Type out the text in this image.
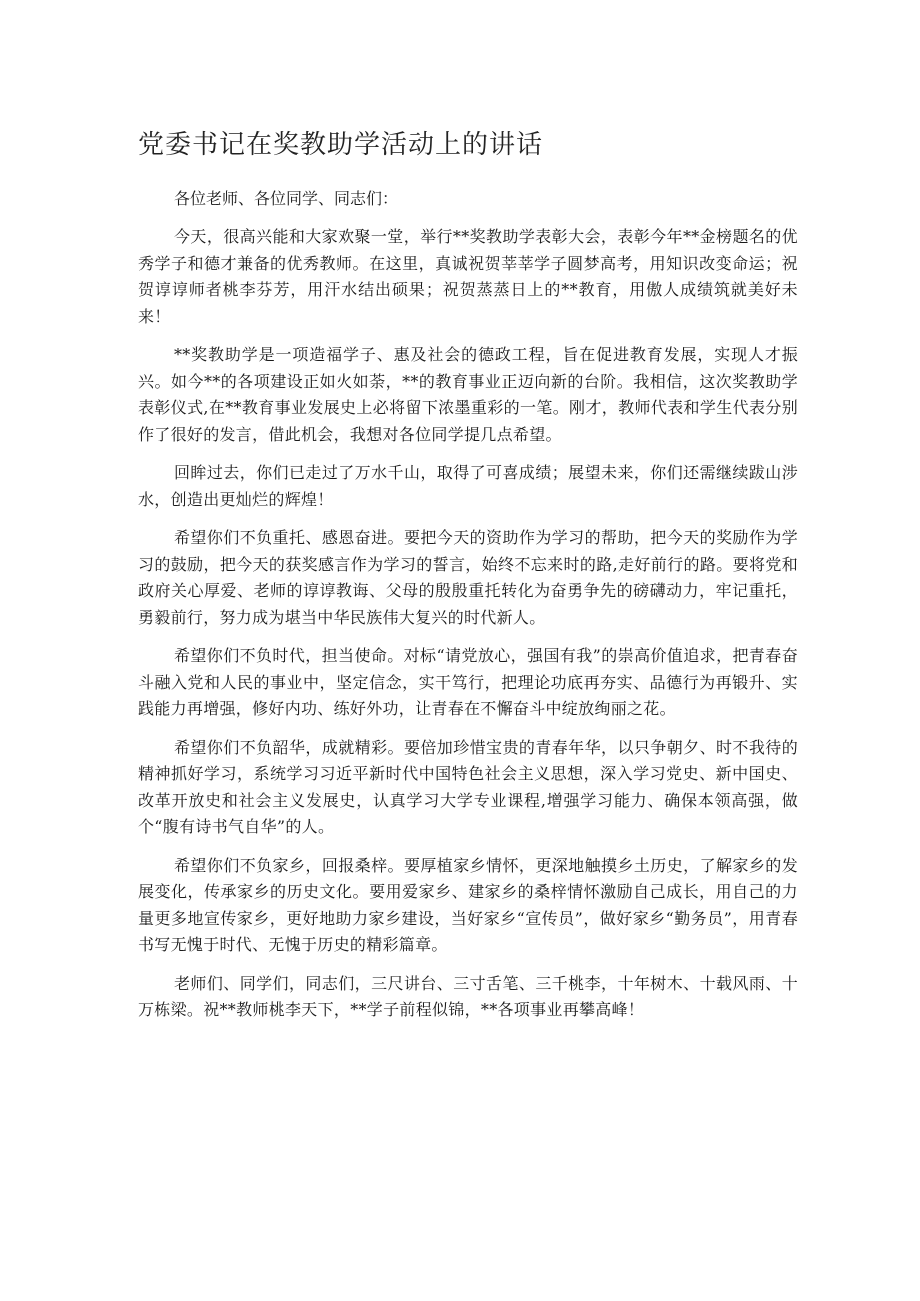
党委书记在奖教助学活动上的讲话

各位老师、各位同学、同志们：

今天，很高兴能和大家欢聚一堂，举行**奖教助学表彰大会，表彰今年**金榜题名的优秀学子和德才兼备的优秀教师。在这里，真诚祝贺莘莘学子圆梦高考，用知识改变命运；祝贺谆谆师者桃李芬芳，用汗水结出硕果；祝贺蒸蒸日上的**教育，用傲人成绩筑就美好未来！

**奖教助学是一项造福学子、惠及社会的德政工程，旨在促进教育发展，实现人才振兴。如今**的各项建设正如火如荼，**的教育事业正迈向新的台阶。我相信，这次奖教助学表彰仪式,在**教育事业发展史上必将留下浓墨重彩的一笔。刚才，教师代表和学生代表分别作了很好的发言，借此机会，我想对各位同学提几点希望。

回眸过去，你们已走过了万水千山，取得了可喜成绩；展望未来，你们还需继续跋山涉水，创造出更灿烂的辉煌！

希望你们不负重托、感恩奋进。要把今天的资助作为学习的帮助，把今天的奖励作为学习的鼓励，把今天的获奖感言作为学习的誓言，始终不忘来时的路,走好前行的路。要将党和政府关心厚爱、老师的谆谆教诲、父母的殷殷重托转化为奋勇争先的磅礴动力，牢记重托，勇毅前行，努力成为堪当中华民族伟大复兴的时代新人。

希望你们不负时代，担当使命。对标“请党放心，强国有我”的崇高价值追求，把青春奋斗融入党和人民的事业中，坚定信念，实干笃行，把理论功底再夯实、品德行为再锻升、实践能力再增强，修好内功、练好外功，让青春在不懈奋斗中绽放绚丽之花。

希望你们不负韶华，成就精彩。要倍加珍惜宝贵的青春年华，以只争朝夕、时不我待的精神抓好学习，系统学习习近平新时代中国特色社会主义思想，深入学习党史、新中国史、改革开放史和社会主义发展史，认真学习大学专业课程,增强学习能力、确保本领高强，做个“腹有诗书气自华”的人。

希望你们不负家乡，回报桑梓。要厚植家乡情怀，更深地触摸乡土历史，了解家乡的发展变化，传承家乡的历史文化。要用爱家乡、建家乡的桑梓情怀激励自己成长，用自己的力量更多地宣传家乡，更好地助力家乡建设，当好家乡“宣传员”，做好家乡“勤务员”，用青春书写无愧于时代、无愧于历史的精彩篇章。

老师们、同学们，同志们，三尺讲台、三寸舌笔、三千桃李，十年树木、十载风雨、十万栋梁。祝**教师桃李天下，**学子前程似锦，**各项事业再攀高峰！
